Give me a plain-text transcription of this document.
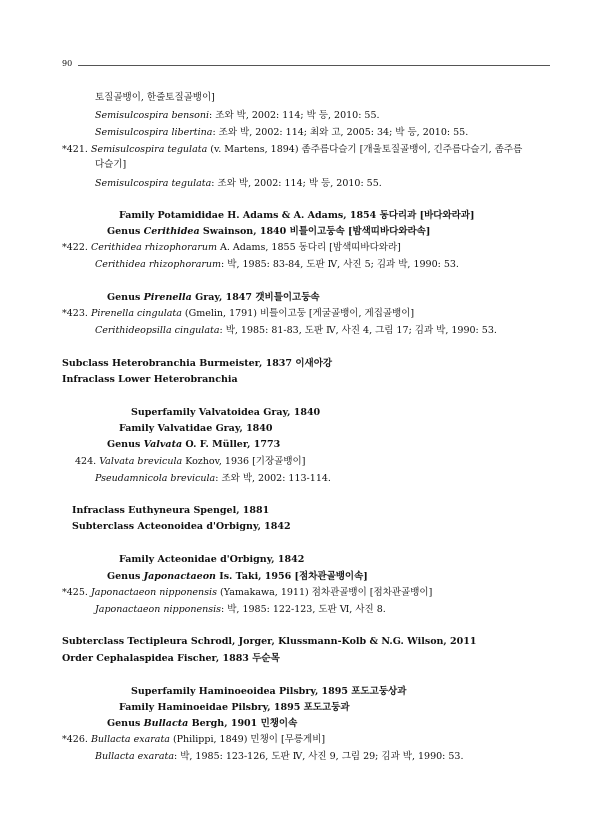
90
토질골뱅이, 한줄토질골뱅이]
Semisulcospira bensoni: 조와 박, 2002: 114; 박 등, 2010: 55.
Semisulcospira libertina: 조와 박, 2002: 114; 최와 고, 2005: 34; 박 등, 2010: 55.
*421. Semisulcospira tegulata (v. Martens, 1894) 좀주름다슬기 [개울토질골뱅이, 긴주름다슬기, 좀주름
다슬기]
Semisulcospira tegulata: 조와 박, 2002: 114; 박 등, 2010: 55.
Family Potamididae H. Adams & A. Adams, 1854 동다리과 [바다와라과]
Genus Cerithidea Swainson, 1840 비틀이고둥속 [밤색띠바다와라속]
*422. Cerithidea rhizophorarum A. Adams, 1855 동다리 [밤색띠바다와라]
Cerithidea rhizophorarum: 박, 1985: 83-84, 도판 Ⅳ, 사진 5; 김과 박, 1990: 53.
Genus Pirenella Gray, 1847 갯비틀이고둥속
*423. Pirenella cingulata (Gmelin, 1791) 비틀이고둥 [게굴골뱅이, 게집골뱅이]
Cerithideopsilla cingulata: 박, 1985: 81-83, 도판 Ⅳ, 사진 4, 그림 17; 김과 박, 1990: 53.
Subclass Heterobranchia Burmeister, 1837 이새아강
Infraclass Lower Heterobranchia
Superfamily Valvatoidea Gray, 1840
Family Valvatidae Gray, 1840
Genus Valvata O. F. Müller, 1773
424. Valvata brevicula Kozhov, 1936 [기장골뱅이]
Pseudamnicola brevicula: 조와 박, 2002: 113-114.
Infraclass Euthyneura Spengel, 1881
Subterclass Acteonoidea d'Orbigny, 1842
Family Acteonidae d'Orbigny, 1842
Genus Japonactaeon Is. Taki, 1956 [점차관골뱅이속]
*425. Japonactaeon nipponensis (Yamakawa, 1911) 점차관골뱅이 [점차관골뱅이]
Japonactaeon nipponensis: 박, 1985: 122-123, 도판 Ⅵ, 사진 8.
Subterclass Tectipleura Schrodl, Jorger, Klussmann-Kolb & N.G. Wilson, 2011
Order Cephalaspidea Fischer, 1883 두순목
Superfamily Haminoeoidea Pilsbry, 1895 포도고둥상과
Family Haminoeidae Pilsbry, 1895 포도고둥과
Genus Bullacta Bergh, 1901 민챙이속
*426. Bullacta exarata (Philippi, 1849) 민챙이 [무릉게비]
Bullacta exarata: 박, 1985: 123-126, 도판 Ⅳ, 사진 9, 그림 29; 김과 박, 1990: 53.
